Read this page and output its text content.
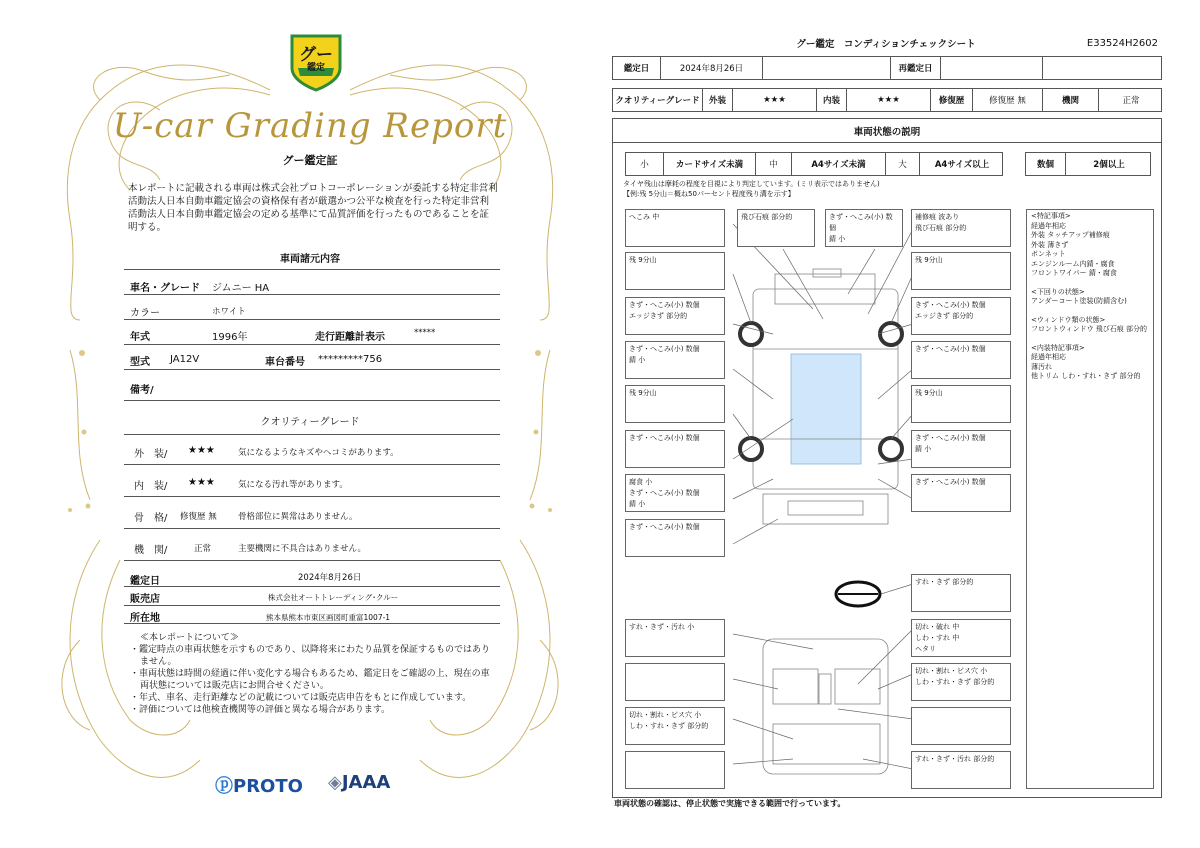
グー
鑑定
U-car Grading Report
グー鑑定証
本レポートに記載される車両は株式会社プロトコーポレーションが委託する特定非営利活動法人日本自動車鑑定協会の資格保有者が厳選かつ公平な検査を行った特定非営利活動法人日本自動車鑑定協会の定める基準にて品質評価を行ったものであることを証明する。
車両諸元内容
車名・グレード ジムニー HA
カラー	ホワイト
年式	1996年	走行距離計表示	*****
型式 JA12V	車台番号 *********756
備考/
クオリティーグレード
外　装/ ★★★	気になるようなキズやヘコミがあります。
内　装/ ★★★	気になる汚れ等があります。
骨　格/ 修復歴 無	骨格部位に異常はありません。
機　関/	正常	主要機関に不具合はありません。
鑑定日	2024年8月26日
販売店	株式会社オートトレーディング･クルー
所在地	熊本県熊本市東区画図町重富1007-1
≪本レポートについて≫
・鑑定時点の車両状態を示すものであり、以降将来にわたり品質を保証するものではありません。
・車両状態は時間の経過に伴い変化する場合もあるため、鑑定日をご確認の上、現在の車両状態については販売店にお問合せください。
・年式、車名、走行距離などの記載については販売店申告をもとに作成しています。
・評価については他検査機関等の評価と異なる場合があります。
ⓟPROTO ◈JAAA
グー鑑定　コンディションチェックシート	E33524H2602
鑑定日	2024年8月26日	再鑑定日
クオリティーグレード	外装	★★★	内装	★★★	修復歴	修復歴 無	機関	正常
車両状態の説明
小	カードサイズ未満	中	A4サイズ未満	大	A4サイズ以上	数個	2個以上
タイヤ残山は摩耗の程度を目視により判定しています。(ミリ表示ではありません)
【例:残 5分山＝概ね50パーセント程度残り溝を示す】
へこみ 中
残 9分山
きず・へこみ(小) 数個
エッジきず 部分的
きず・へこみ(小) 数個
錆 小
残 9分山
きず・へこみ(小) 数個
腐食 小
きず・へこみ(小) 数個
錆 小
きず・へこみ(小) 数個
飛び石痕 部分的	きず・へこみ(小) 数個
錆 小
補修痕 波あり
飛び石痕 部分的
残 9分山
きず・へこみ(小) 数個
エッジきず 部分的
きず・へこみ(小) 数個
残 9分山
きず・へこみ(小) 数個
錆 小
きず・へこみ(小) 数個
すれ・きず 部分的
切れ・破れ 中
しわ・すれ 中
ヘタリ
切れ・割れ・ビス穴 小
しわ・すれ・きず 部分的
すれ・きず・汚れ 部分的
すれ・きず・汚れ 小
切れ・割れ・ビス穴 小
しわ・すれ・きず 部分的
<特記事項>
経過年相応
外装 タッチアップ補修痕
外装 薄きず
ボンネット
エンジンルーム内錆・腐食
フロントワイパー 錆・腐食
<下回りの状態>
アンダーコート塗装(防錆含む)
<ウィンドウ類の状態>
フロントウィンドウ 飛び石痕 部分的
<内装特記事項>
経過年相応
薄汚れ
他トリム しわ・すれ・きず 部分的
車両状態の確認は、停止状態で実施できる範囲で行っています。
